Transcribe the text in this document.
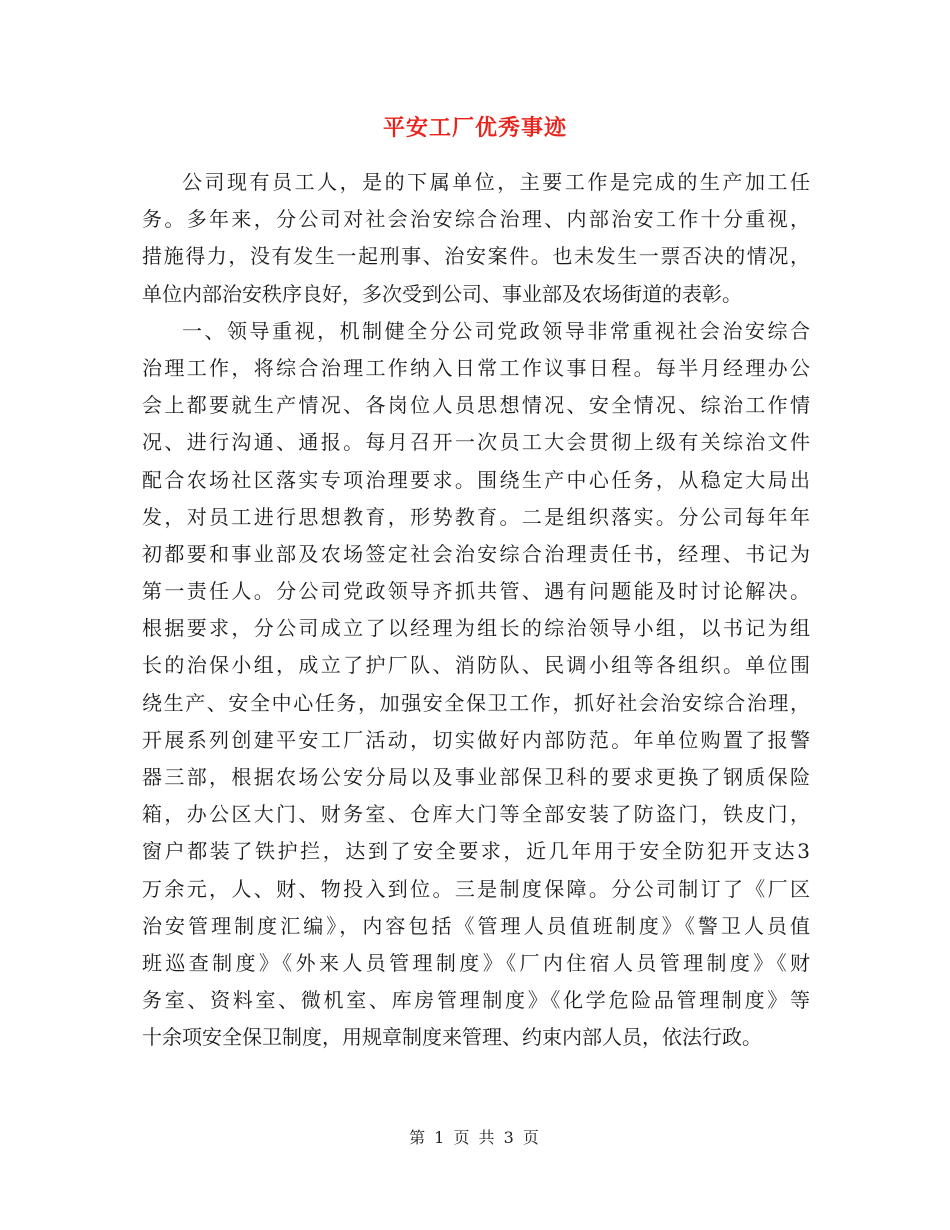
平安工厂优秀事迹
公司现有员工人，是的下属单位，主要工作是完成的生产加工任
务。多年来，分公司对社会治安综合治理、内部治安工作十分重视，
措施得力，没有发生一起刑事、治安案件。也未发生一票否决的情况，
单位内部治安秩序良好，多次受到公司、事业部及农场街道的表彰。
一、领导重视，机制健全分公司党政领导非常重视社会治安综合
治理工作，将综合治理工作纳入日常工作议事日程。每半月经理办公
会上都要就生产情况、各岗位人员思想情况、安全情况、综治工作情
况、进行沟通、通报。每月召开一次员工大会贯彻上级有关综治文件
配合农场社区落实专项治理要求。围绕生产中心任务，从稳定大局出
发，对员工进行思想教育，形势教育。二是组织落实。分公司每年年
初都要和事业部及农场签定社会治安综合治理责任书，经理、书记为
第一责任人。分公司党政领导齐抓共管、遇有问题能及时讨论解决。
根据要求，分公司成立了以经理为组长的综治领导小组，以书记为组
长的治保小组，成立了护厂队、消防队、民调小组等各组织。单位围
绕生产、安全中心任务，加强安全保卫工作，抓好社会治安综合治理，
开展系列创建平安工厂活动，切实做好内部防范。年单位购置了报警
器三部，根据农场公安分局以及事业部保卫科的要求更换了钢质保险
箱，办公区大门、财务室、仓库大门等全部安装了防盗门，铁皮门，
窗户都装了铁护拦，达到了安全要求，近几年用于安全防犯开支达3
万余元，人、财、物投入到位。三是制度保障。分公司制订了《厂区
治安管理制度汇编》，内容包括《管理人员值班制度》《警卫人员值
班巡查制度》《外来人员管理制度》《厂内住宿人员管理制度》《财
务室、资料室、微机室、库房管理制度》《化学危险品管理制度》等
十余项安全保卫制度，用规章制度来管理、约束内部人员，依法行政。
第 1 页 共 3 页
